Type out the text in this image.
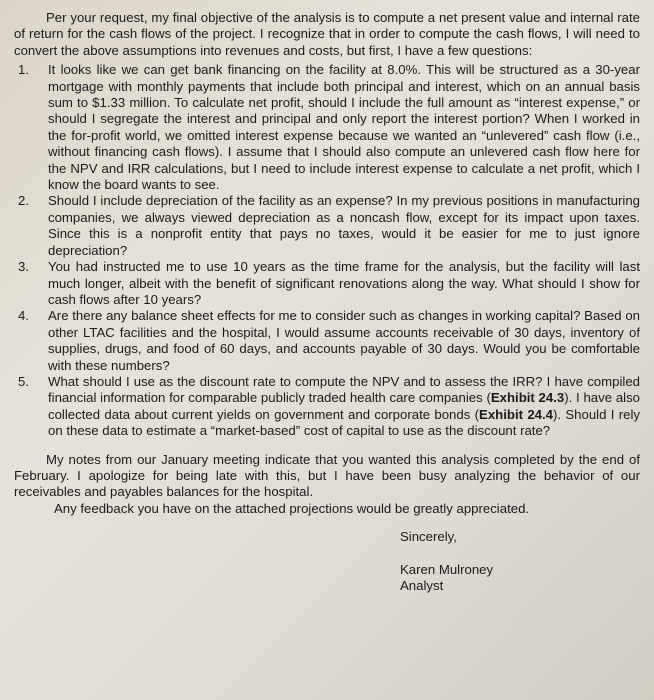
Per your request, my final objective of the analysis is to compute a net present value and internal rate of return for the cash flows of the project. I recognize that in order to compute the cash flows, I will need to convert the above assumptions into revenues and costs, but first, I have a few questions:

1. It looks like we can get bank financing on the facility at 8.0%. This will be structured as a 30-year mortgage with monthly payments that include both principal and interest, which on an annual basis sum to $1.33 million. To calculate net profit, should I include the full amount as “interest expense,” or should I segregate the interest and principal and only report the interest portion? When I worked in the for-profit world, we omitted interest expense because we wanted an “unlevered” cash flow (i.e., without financing cash flows). I assume that I should also compute an unlevered cash flow here for the NPV and IRR calculations, but I need to include interest expense to calculate a net profit, which I know the board wants to see.
2. Should I include depreciation of the facility as an expense? In my previous positions in manufacturing companies, we always viewed depreciation as a noncash flow, except for its impact upon taxes. Since this is a nonprofit entity that pays no taxes, would it be easier for me to just ignore depreciation?
3. You had instructed me to use 10 years as the time frame for the analysis, but the facility will last much longer, albeit with the benefit of significant renovations along the way. What should I show for cash flows after 10 years?
4. Are there any balance sheet effects for me to consider such as changes in working capital? Based on other LTAC facilities and the hospital, I would assume accounts receivable of 30 days, inventory of supplies, drugs, and food of 60 days, and accounts payable of 30 days. Would you be comfortable with these numbers?
5. What should I use as the discount rate to compute the NPV and to assess the IRR? I have compiled financial information for comparable publicly traded health care companies (Exhibit 24.3). I have also collected data about current yields on government and corporate bonds (Exhibit 24.4). Should I rely on these data to estimate a “market-based” cost of capital to use as the discount rate?

My notes from our January meeting indicate that you wanted this analysis completed by the end of February. I apologize for being late with this, but I have been busy analyzing the behavior of our receivables and payables balances for the hospital.

Any feedback you have on the attached projections would be greatly appreciated.

Sincerely,

Karen Mulroney

Analyst
